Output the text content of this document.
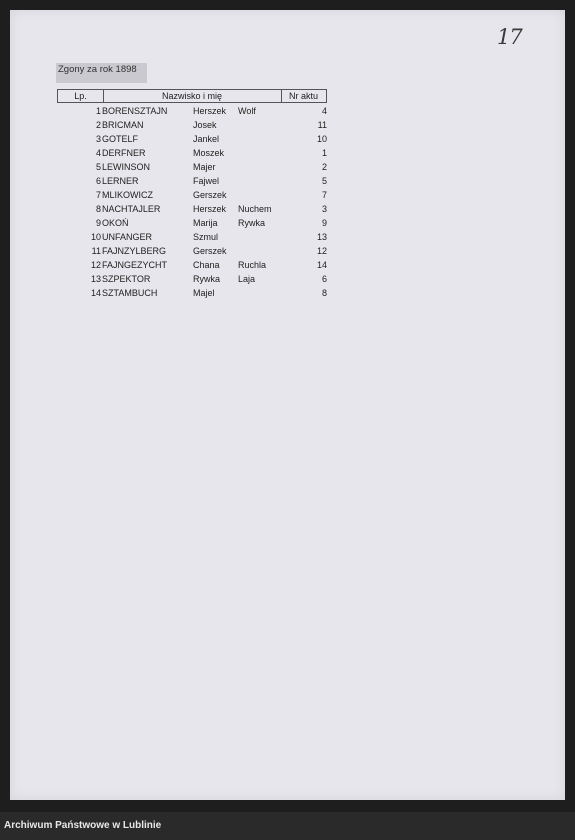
17
Zgony za rok 1898
Lp.	Nazwisko i mię	Nr aktu
1 BORENSZTAJN	Herszek Wolf	4
2 BRICMAN	Josek	11
3 GOTELF	Jankel	10
4 DERFNER	Moszek	1
5 LEWINSON	Majer	2
6 LERNER	Fajwel	5
7 MLIKOWICZ	Gerszek	7
8 NACHTAJLER	Herszek Nuchem	3
9 OKOŃ	Marija Rywka	9
10 UNFANGER	Szmul	13
11 FAJNZYLBERG	Gerszek	12
12 FAJNGEZYCHT	Chana Ruchla	14
13 SZPEKTOR	Rywka Laja	6
14 SZTAMBUCH	Majel	8
Archiwum Państwowe w Lublinie
